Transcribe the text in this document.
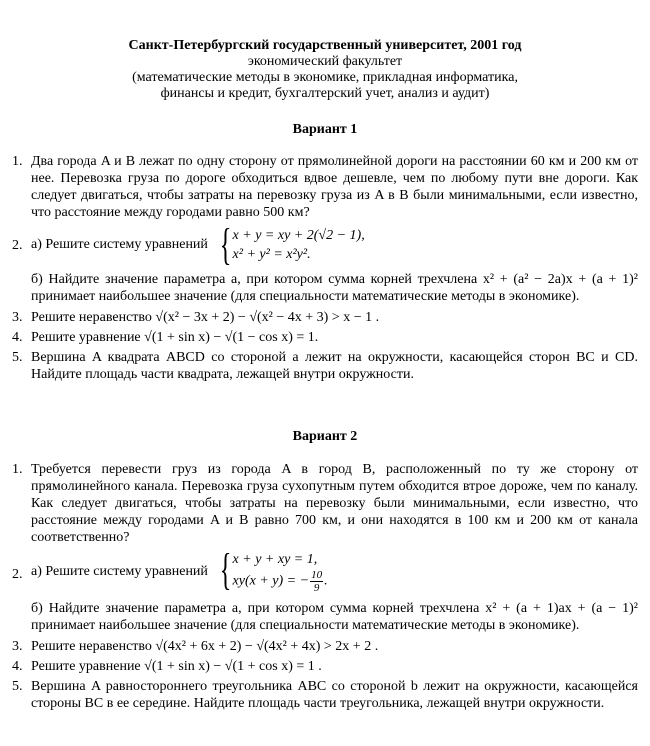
Санкт-Петербургский государственный университет, 2001 год
экономический факультет
(математические методы в экономике, прикладная информатика,
финансы и кредит, бухгалтерский учет, анализ и аудит)
Вариант 1
1. Два города A и B лежат по одну сторону от прямолинейной дороги на расстоянии 60 км и 200 км от нее. Перевозка груза по дороге обходиться вдвое дешевле, чем по любому пути вне дороги. Как следует двигаться, чтобы затраты на перевозку груза из A в B были минимальными, если известно, что расстояние между городами равно 500 км?
2. а) Решите систему уравнений { x + y = xy + 2(√2 − 1),
x² + y² = x²y².
б) Найдите значение параметра a, при котором сумма корней трехчлена x² + (a² − 2a)x + (a + 1)² принимает наибольшее значение (для специальности математические методы в экономике).
3. Решите неравенство √(x² − 3x + 2) − √(x² − 4x + 3) > x − 1 .
4. Решите уравнение √(1 + sin x) − √(1 − cos x) = 1.
5. Вершина A квадрата ABCD со стороной a лежит на окружности, касающейся сторон BC и CD. Найдите площадь части квадрата, лежащей внутри окружности.
Вариант 2
1. Требуется перевести груз из города A в город B, расположенный по ту же сторону от прямолинейного канала. Перевозка груза сухопутным путем обходится втрое дороже, чем по каналу. Как следует двигаться, чтобы затраты на перевозку были минимальными, если известно, что расстояние между городами A и B равно 700 км, и они находятся в 100 км и 200 км от канала соответственно?
2. а) Решите систему уравнений { x + y + xy = 1,
xy(x + y) = − $\frac{10}{9}$ .
б) Найдите значение параметра a, при котором сумма корней трехчлена x² + (a + 1)ax + (a − 1)² принимает наибольшее значение (для специальности математические методы в экономике).
3. Решите неравенство √(4x² + 6x + 2) − √(4x² + 4x) > 2x + 2 .
4. Решите уравнение √(1 + sin x) − √(1 + cos x) = 1 .
5. Вершина A равностороннего треугольника ABC со стороной b лежит на окружности, касающейся стороны BC в ее середине. Найдите площадь части треугольника, лежащей внутри окружности.
